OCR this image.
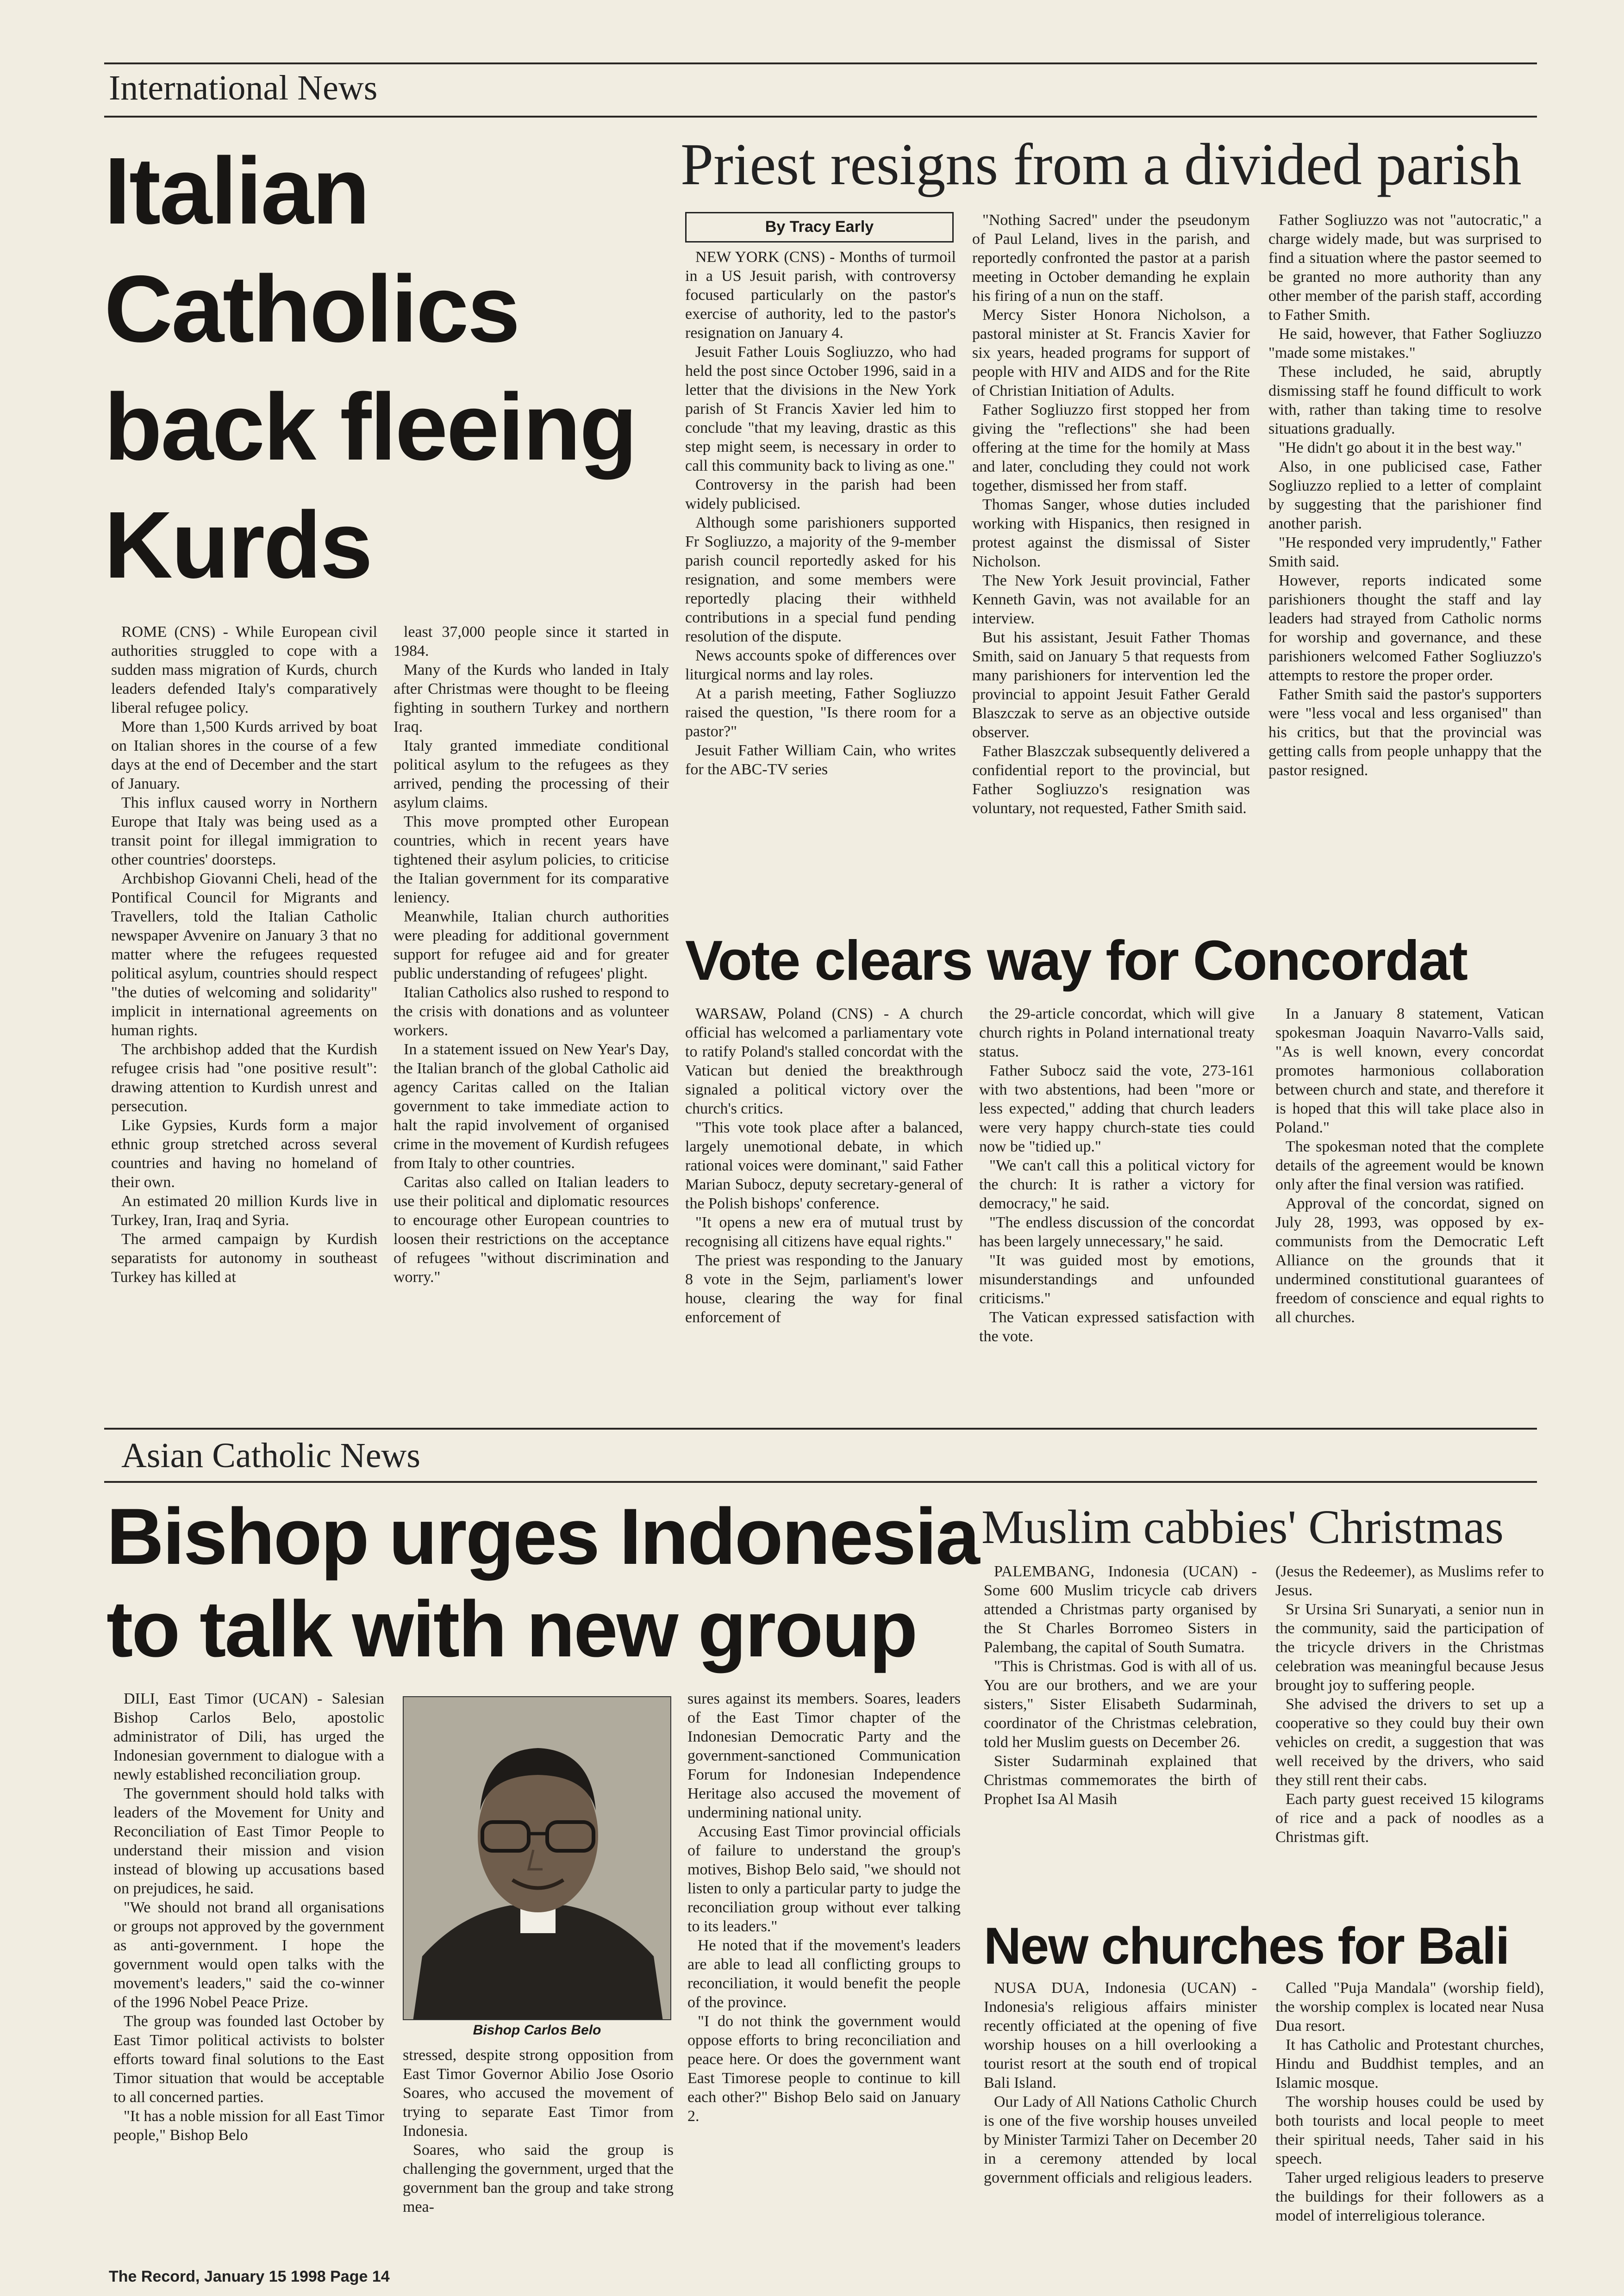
International News
Italian
Catholics
back fleeing
Kurds

ROME (CNS) - While European civil authorities struggled to cope with a sudden mass migration of Kurds, church leaders defended Italy's comparatively liberal refugee policy.

More than 1,500 Kurds arrived by boat on Italian shores in the course of a few days at the end of December and the start of January.

This influx caused worry in Northern Europe that Italy was being used as a transit point for illegal immigration to other countries' doorsteps.

Archbishop Giovanni Cheli, head of the Pontifical Council for Migrants and Travellers, told the Italian Catholic newspaper Avvenire on January 3 that no matter where the refugees requested political asylum, countries should respect "the duties of welcoming and solidarity" implicit in international agreements on human rights.

The archbishop added that the Kurdish refugee crisis had "one positive result": drawing attention to Kurdish unrest and persecution.

Like Gypsies, Kurds form a major ethnic group stretched across several countries and having no homeland of their own.

An estimated 20 million Kurds live in Turkey, Iran, Iraq and Syria.

The armed campaign by Kurdish separatists for autonomy in southeast Turkey has killed at

least 37,000 people since it started in 1984.

Many of the Kurds who landed in Italy after Christmas were thought to be fleeing fighting in southern Turkey and northern Iraq.

Italy granted immediate conditional political asylum to the refugees as they arrived, pending the processing of their asylum claims.

This move prompted other European countries, which in recent years have tightened their asylum policies, to criticise the Italian government for its comparative leniency.

Meanwhile, Italian church authorities were pleading for additional government support for refugee aid and for greater public understanding of refugees' plight.

Italian Catholics also rushed to respond to the crisis with donations and as volunteer workers.

In a statement issued on New Year's Day, the Italian branch of the global Catholic aid agency Caritas called on the Italian government to take immediate action to halt the rapid involvement of organised crime in the movement of Kurdish refugees from Italy to other countries.

Caritas also called on Italian leaders to use their political and diplomatic resources to encourage other European countries to loosen their restrictions on the acceptance of refugees "without discrimination and worry."

Priest resigns from a divided parish
By Tracy Early

NEW YORK (CNS) - Months of turmoil in a US Jesuit parish, with controversy focused particularly on the pastor's exercise of authority, led to the pastor's resignation on January 4.

Jesuit Father Louis Sogliuzzo, who had held the post since October 1996, said in a letter that the divisions in the New York parish of St Francis Xavier led him to conclude "that my leaving, drastic as this step might seem, is necessary in order to call this community back to living as one."

Controversy in the parish had been widely publicised.

Although some parishioners supported Fr Sogliuzzo, a majority of the 9-member parish council reportedly asked for his resignation, and some members were reportedly placing their withheld contributions in a special fund pending resolution of the dispute.

News accounts spoke of differences over liturgical norms and lay roles.

At a parish meeting, Father Sogliuzzo raised the question, "Is there room for a pastor?"

Jesuit Father William Cain, who writes for the ABC-TV series

"Nothing Sacred" under the pseudonym of Paul Leland, lives in the parish, and reportedly confronted the pastor at a parish meeting in October demanding he explain his firing of a nun on the staff.

Mercy Sister Honora Nicholson, a pastoral minister at St. Francis Xavier for six years, headed programs for support of people with HIV and AIDS and for the Rite of Christian Initiation of Adults.

Father Sogliuzzo first stopped her from giving the "reflections" she had been offering at the time for the homily at Mass and later, concluding they could not work together, dismissed her from staff.

Thomas Sanger, whose duties included working with Hispanics, then resigned in protest against the dismissal of Sister Nicholson.

The New York Jesuit provincial, Father Kenneth Gavin, was not available for an interview.

But his assistant, Jesuit Father Thomas Smith, said on January 5 that requests from many parishioners for intervention led the provincial to appoint Jesuit Father Gerald Blaszczak to serve as an objective outside observer.

Father Blaszczak subsequently delivered a confidential report to the provincial, but Father Sogliuzzo's resignation was voluntary, not requested, Father Smith said.

Father Sogliuzzo was not "autocratic," a charge widely made, but was surprised to find a situation where the pastor seemed to be granted no more authority than any other member of the parish staff, according to Father Smith.

He said, however, that Father Sogliuzzo "made some mistakes."

These included, he said, abruptly dismissing staff he found difficult to work with, rather than taking time to resolve situations gradually.

"He didn't go about it in the best way."

Also, in one publicised case, Father Sogliuzzo replied to a letter of complaint by suggesting that the parishioner find another parish.

"He responded very imprudently," Father Smith said.

However, reports indicated some parishioners thought the staff and lay leaders had strayed from Catholic norms for worship and governance, and these parishioners welcomed Father Sogliuzzo's attempts to restore the proper order.

Father Smith said the pastor's supporters were "less vocal and less organised" than his critics, but that the provincial was getting calls from people unhappy that the pastor resigned.

Vote clears way for Concordat

WARSAW, Poland (CNS) - A church official has welcomed a parliamentary vote to ratify Poland's stalled concordat with the Vatican but denied the breakthrough signaled a political victory over the church's critics.

"This vote took place after a balanced, largely unemotional debate, in which rational voices were dominant," said Father Marian Subocz, deputy secretary-general of the Polish bishops' conference.

"It opens a new era of mutual trust by recognising all citizens have equal rights."

The priest was responding to the January 8 vote in the Sejm, parliament's lower house, clearing the way for final enforcement of

the 29-article concordat, which will give church rights in Poland international treaty status.

Father Subocz said the vote, 273-161 with two abstentions, had been "more or less expected," adding that church leaders were very happy church-state ties could now be "tidied up."

"We can't call this a political victory for the church: It is rather a victory for democracy," he said.

"The endless discussion of the concordat has been largely unnecessary," he said.

"It was guided most by emotions, misunderstandings and unfounded criticisms."

The Vatican expressed satisfaction with the vote.

In a January 8 statement, Vatican spokesman Joaquin Navarro-Valls said, "As is well known, every concordat promotes harmonious collaboration between church and state, and therefore it is hoped that this will take place also in Poland."

The spokesman noted that the complete details of the agreement would be known only after the final version was ratified.

Approval of the concordat, signed on July 28, 1993, was opposed by ex-communists from the Democratic Left Alliance on the grounds that it undermined constitutional guarantees of freedom of conscience and equal rights to all churches.

Asian Catholic News
Bishop urges Indonesia
to talk with new group

DILI, East Timor (UCAN) - Salesian Bishop Carlos Belo, apostolic administrator of Dili, has urged the Indonesian government to dialogue with a newly established reconciliation group.

The government should hold talks with leaders of the Movement for Unity and Reconciliation of East Timor People to understand their mission and vision instead of blowing up accusations based on prejudices, he said.

"We should not brand all organisations or groups not approved by the government as anti-government. I hope the government would open talks with the movement's leaders," said the co-winner of the 1996 Nobel Peace Prize.

The group was founded last October by East Timor political activists to bolster efforts toward final solutions to the East Timor situation that would be acceptable to all concerned parties.

"It has a noble mission for all East Timor people," Bishop Belo

Bishop Carlos Belo

stressed, despite strong opposition from East Timor Governor Abilio Jose Osorio Soares, who accused the movement of trying to separate East Timor from Indonesia.

Soares, who said the group is challenging the government, urged that the government ban the group and take strong mea-

sures against its members. Soares, leaders of the East Timor chapter of the Indonesian Democratic Party and the government-sanctioned Communication Forum for Indonesian Independence Heritage also accused the movement of undermining national unity.

Accusing East Timor provincial officials of failure to understand the group's motives, Bishop Belo said, "we should not listen to only a particular party to judge the reconciliation group without ever talking to its leaders."

He noted that if the movement's leaders are able to lead all conflicting groups to reconciliation, it would benefit the people of the province.

"I do not think the government would oppose efforts to bring reconciliation and peace here. Or does the government want East Timorese people to continue to kill each other?" Bishop Belo said on January 2.

Muslim cabbies' Christmas

PALEMBANG, Indonesia (UCAN) - Some 600 Muslim tricycle cab drivers attended a Christmas party organised by the St Charles Borromeo Sisters in Palembang, the capital of South Sumatra.

"This is Christmas. God is with all of us. You are our brothers, and we are your sisters," Sister Elisabeth Sudarminah, coordinator of the Christmas celebration, told her Muslim guests on December 26.

Sister Sudarminah explained that Christmas commemorates the birth of Prophet Isa Al Masih

(Jesus the Redeemer), as Muslims refer to Jesus.

Sr Ursina Sri Sunaryati, a senior nun in the community, said the participation of the tricycle drivers in the Christmas celebration was meaningful because Jesus brought joy to suffering people.

She advised the drivers to set up a cooperative so they could buy their own vehicles on credit, a suggestion that was well received by the drivers, who said they still rent their cabs.

Each party guest received 15 kilograms of rice and a pack of noodles as a Christmas gift.

New churches for Bali

NUSA DUA, Indonesia (UCAN) - Indonesia's religious affairs minister recently officiated at the opening of five worship houses on a hill overlooking a tourist resort at the south end of tropical Bali Island.

Our Lady of All Nations Catholic Church is one of the five worship houses unveiled by Minister Tarmizi Taher on December 20 in a ceremony attended by local government officials and religious leaders.

Called "Puja Mandala" (worship field), the worship complex is located near Nusa Dua resort.

It has Catholic and Protestant churches, Hindu and Buddhist temples, and an Islamic mosque.

The worship houses could be used by both tourists and local people to meet their spiritual needs, Taher said in his speech.

Taher urged religious leaders to preserve the buildings for their followers as a model of interreligious tolerance.

The Record, January 15 1998 Page 14
